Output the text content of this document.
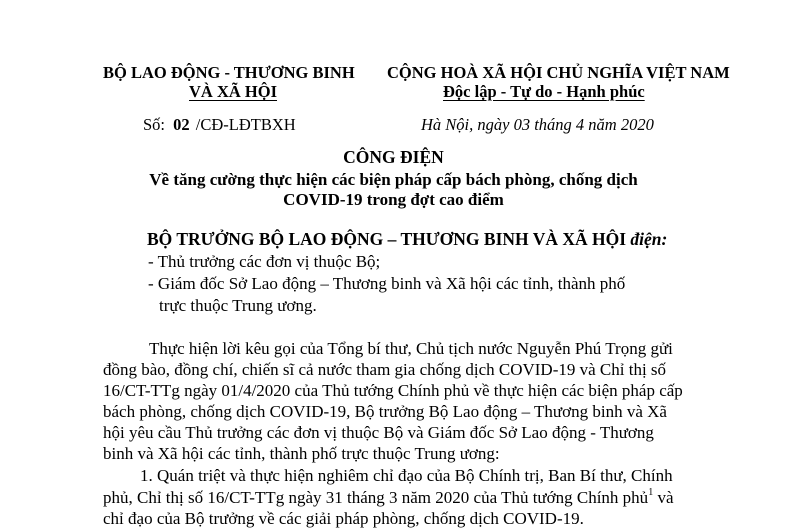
BỘ LAO ĐỘNG - THƯƠNG BINH
VÀ XÃ HỘI
CỘNG HOÀ XÃ HỘI CHỦ NGHĨA VIỆT NAM
Độc lập - Tự do - Hạnh phúc
Số: 02 /CĐ-LĐTBXH	Hà Nội, ngày 03 tháng 4 năm 2020
CÔNG ĐIỆN
Về tăng cường thực hiện các biện pháp cấp bách phòng, chống dịch
COVID-19 trong đợt cao điểm
BỘ TRƯỞNG BỘ LAO ĐỘNG – THƯƠNG BINH VÀ XÃ HỘI điện:
- Thủ trưởng các đơn vị thuộc Bộ;
- Giám đốc Sở Lao động – Thương binh và Xã hội các tỉnh, thành phố
trực thuộc Trung ương.
Thực hiện lời kêu gọi của Tổng bí thư, Chủ tịch nước Nguyễn Phú Trọng gửi
đồng bào, đồng chí, chiến sĩ cả nước tham gia chống dịch COVID-19 và Chỉ thị số
16/CT-TTg ngày 01/4/2020 của Thủ tướng Chính phủ về thực hiện các biện pháp cấp
bách phòng, chống dịch COVID-19, Bộ trưởng Bộ Lao động – Thương binh và Xã
hội yêu cầu Thủ trưởng các đơn vị thuộc Bộ và Giám đốc Sở Lao động - Thương
binh và Xã hội các tỉnh, thành phố trực thuộc Trung ương:
1. Quán triệt và thực hiện nghiêm chỉ đạo của Bộ Chính trị, Ban Bí thư, Chính
phủ, Chỉ thị số 16/CT-TTg ngày 31 tháng 3 năm 2020 của Thủ tướng Chính phủ$^1$ và
chỉ đạo của Bộ trưởng về các giải pháp phòng, chống dịch COVID-19.
